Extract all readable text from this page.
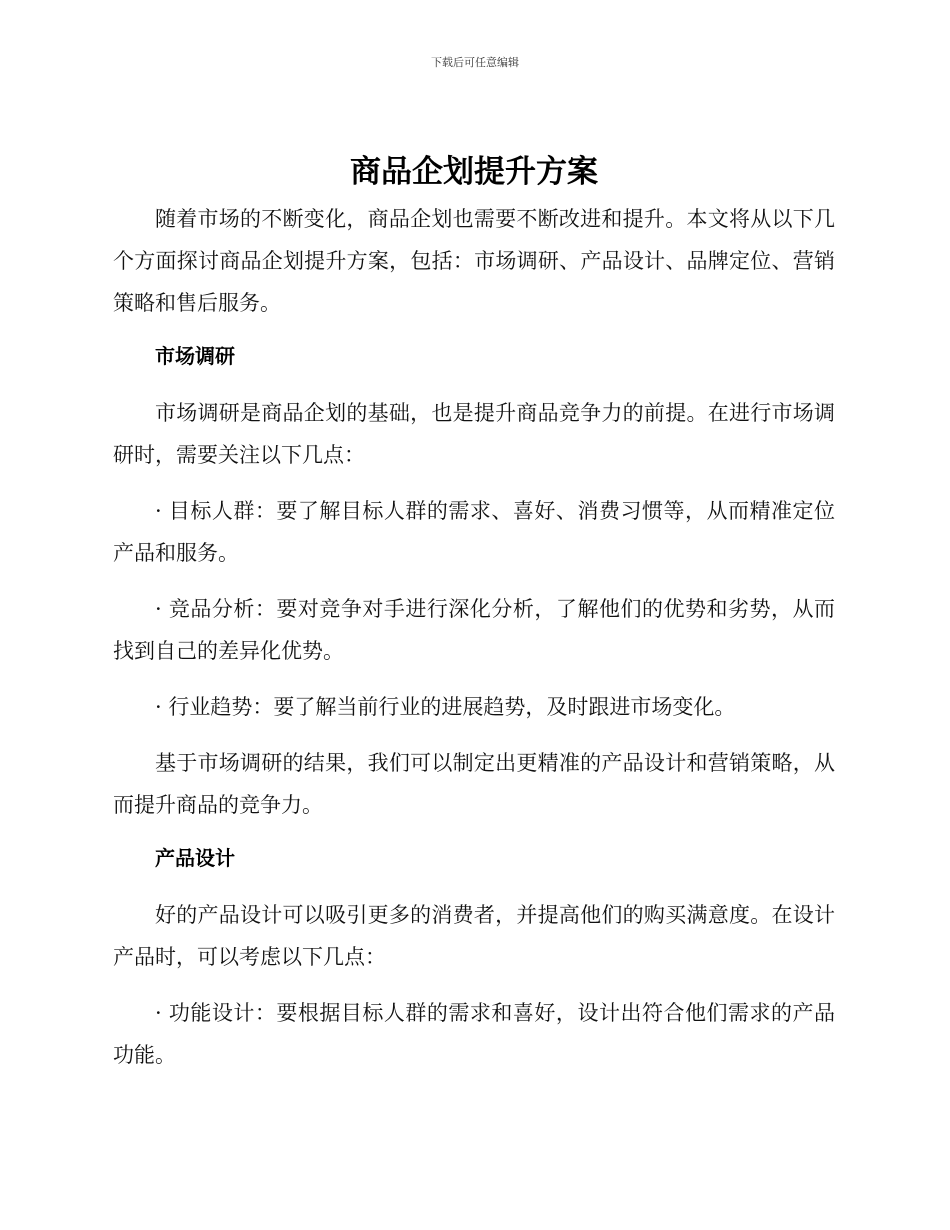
下载后可任意编辑
商品企划提升方案

随着市场的不断变化，商品企划也需要不断改进和提升。本文将从以下几个方面探讨商品企划提升方案，包括：市场调研、产品设计、品牌定位、营销策略和售后服务。

市场调研

市场调研是商品企划的基础，也是提升商品竞争力的前提。在进行市场调研时，需要关注以下几点：

· 目标人群：要了解目标人群的需求、喜好、消费习惯等，从而精准定位产品和服务。

· 竞品分析：要对竞争对手进行深化分析，了解他们的优势和劣势，从而找到自己的差异化优势。

· 行业趋势：要了解当前行业的进展趋势，及时跟进市场变化。

基于市场调研的结果，我们可以制定出更精准的产品设计和营销策略，从而提升商品的竞争力。

产品设计

好的产品设计可以吸引更多的消费者，并提高他们的购买满意度。在设计产品时，可以考虑以下几点：

· 功能设计：要根据目标人群的需求和喜好，设计出符合他们需求的产品功能。
